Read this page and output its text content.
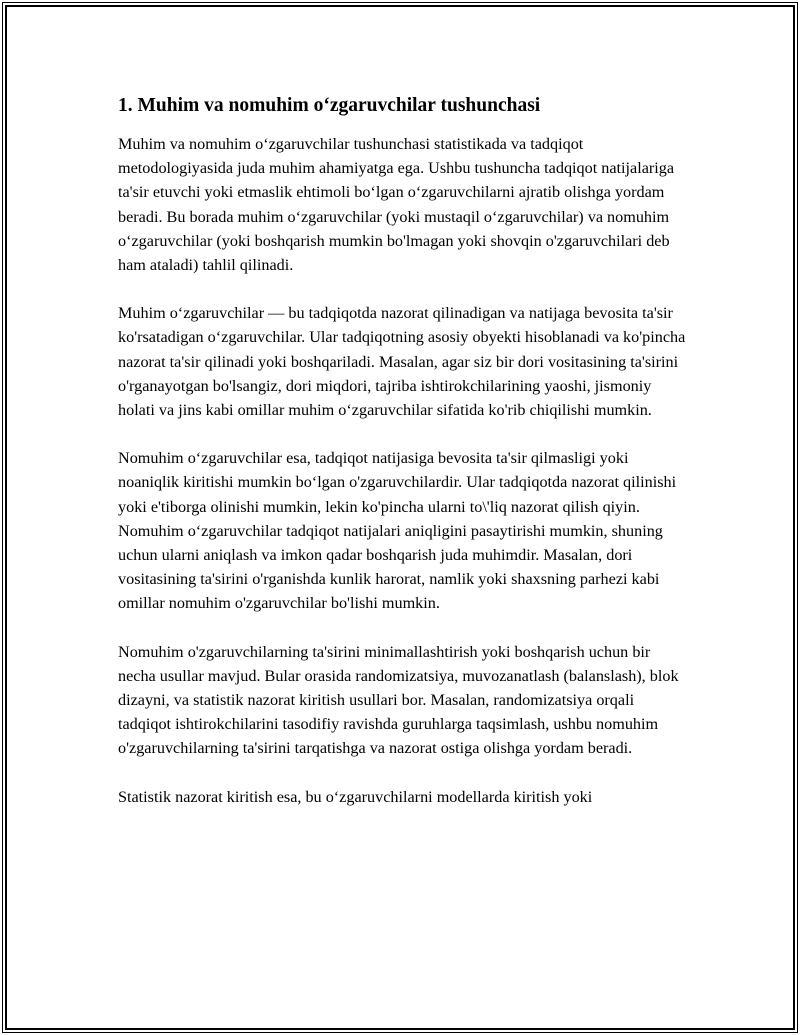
1. Muhim va nomuhim o‘zgaruvchilar tushunchasi

Muhim va nomuhim o‘zgaruvchilar tushunchasi statistikada va tadqiqot metodologiyasida juda muhim ahamiyatga ega. Ushbu tushuncha tadqiqot natijalariga ta'sir etuvchi yoki etmaslik ehtimoli bo‘lgan o‘zgaruvchilarni ajratib olishga yordam beradi. Bu borada muhim o‘zgaruvchilar (yoki mustaqil o‘zgaruvchilar) va nomuhim o‘zgaruvchilar (yoki boshqarish mumkin bo'lmagan yoki shovqin o'zgaruvchilari deb ham ataladi) tahlil qilinadi.

Muhim o‘zgaruvchilar — bu tadqiqotda nazorat qilinadigan va natijaga bevosita ta'sir ko'rsatadigan o‘zgaruvchilar. Ular tadqiqotning asosiy obyekti hisoblanadi va ko'pincha nazorat ta'sir qilinadi yoki boshqariladi. Masalan, agar siz bir dori vositasining ta'sirini o'rganayotgan bo'lsangiz, dori miqdori, tajriba ishtirokchilarining yaoshi, jismoniy holati va jins kabi omillar muhim o‘zgaruvchilar sifatida ko'rib chiqilishi mumkin.

Nomuhim o‘zgaruvchilar esa, tadqiqot natijasiga bevosita ta'sir qilmasligi yoki noaniqlik kiritishi mumkin bo‘lgan o'zgaruvchilardir. Ular tadqiqotda nazorat qilinishi yoki e'tiborga olinishi mumkin, lekin ko'pincha ularni to\'liq nazorat qilish qiyin. Nomuhim o‘zgaruvchilar tadqiqot natijalari aniqligini pasaytirishi mumkin, shuning uchun ularni aniqlash va imkon qadar boshqarish juda muhimdir. Masalan, dori vositasining ta'sirini o'rganishda kunlik harorat, namlik yoki shaxsning parhezi kabi omillar nomuhim o'zgaruvchilar bo'lishi mumkin.

Nomuhim o'zgaruvchilarning ta'sirini minimallashtirish yoki boshqarish uchun bir necha usullar mavjud. Bular orasida randomizatsiya, muvozanatlash (balanslash), blok dizayni, va statistik nazorat kiritish usullari bor. Masalan, randomizatsiya orqali tadqiqot ishtirokchilarini tasodifiy ravishda guruhlarga taqsimlash, ushbu nomuhim o'zgaruvchilarning ta'sirini tarqatishga va nazorat ostiga olishga yordam beradi.

Statistik nazorat kiritish esa, bu o‘zgaruvchilarni modellarda kiritish yoki
